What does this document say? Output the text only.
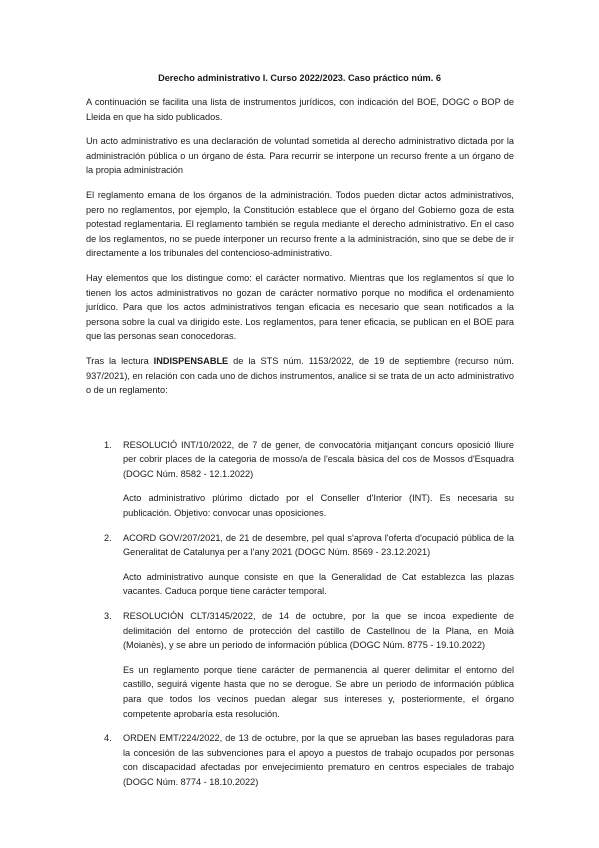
Derecho administrativo I. Curso 2022/2023. Caso práctico núm. 6

A continuación se facilita una lista de instrumentos jurídicos, con indicación del BOE, DOGC o BOP de Lleida en que ha sido publicados.

Un acto administrativo es una declaración de voluntad sometida al derecho administrativo dictada por la administración pública o un órgano de ésta. Para recurrir se interpone un recurso frente a un órgano de la propia administración

El reglamento emana de los órganos de la administración. Todos pueden dictar actos administrativos, pero no reglamentos, por ejemplo, la Constitución establece que el órgano del Gobierno goza de esta potestad reglamentaria. El reglamento también se regula mediante el derecho administrativo. En el caso de los reglamentos, no se puede interponer un recurso frente a la administración, sino que se debe de ir directamente a los tribunales del contencioso-administrativo.

Hay elementos que los distingue como: el carácter normativo. Mientras que los reglamentos sí que lo tienen los actos administrativos no gozan de carácter normativo porque no modifica el ordenamiento jurídico. Para que los actos administrativos tengan eficacia es necesario que sean notificados a la persona sobre la cual va dirigido este. Los reglamentos, para tener eficacia, se publican en el BOE para que las personas sean conocedoras.

Tras la lectura INDISPENSABLE de la STS núm. 1153/2022, de 19 de septiembre (recurso núm. 937/2021), en relación con cada uno de dichos instrumentos, analice si se trata de un acto administrativo o de un reglamento:

1. RESOLUCIÓ INT/10/2022, de 7 de gener, de convocatòria mitjançant concurs oposició lliure per cobrir places de la categoria de mosso/a de l'escala bàsica del cos de Mossos d'Esquadra (DOGC Núm. 8582 - 12.1.2022)

Acto administrativo plúrimo dictado por el Conseller d'Interior (INT). Es necesaria su publicación. Objetivo: convocar unas oposiciones.

2. ACORD GOV/207/2021, de 21 de desembre, pel qual s'aprova l'oferta d'ocupació pública de la Generalitat de Catalunya per a l'any 2021 (DOGC Núm. 8569 - 23.12.2021)

Acto administrativo aunque consiste en que la Generalidad de Cat establezca las plazas vacantes. Caduca porque tiene carácter temporal.

3. RESOLUCIÓN CLT/3145/2022, de 14 de octubre, por la que se incoa expediente de delimitación del entorno de protección del castillo de Castellnou de la Plana, en Moià (Moianès), y se abre un periodo de información pública (DOGC Núm. 8775 - 19.10.2022)

Es un reglamento porque tiene carácter de permanencia al querer delimitar el entorno del castillo, seguirá vigente hasta que no se derogue. Se abre un periodo de información pública para que todos los vecinos puedan alegar sus intereses y, posteriormente, el órgano competente aprobaría esta resolución.

4. ORDEN EMT/224/2022, de 13 de octubre, por la que se aprueban las bases reguladoras para la concesión de las subvenciones para el apoyo a puestos de trabajo ocupados por personas con discapacidad afectadas por envejecimiento prematuro en centros especiales de trabajo (DOGC Núm. 8774 - 18.10.2022)
